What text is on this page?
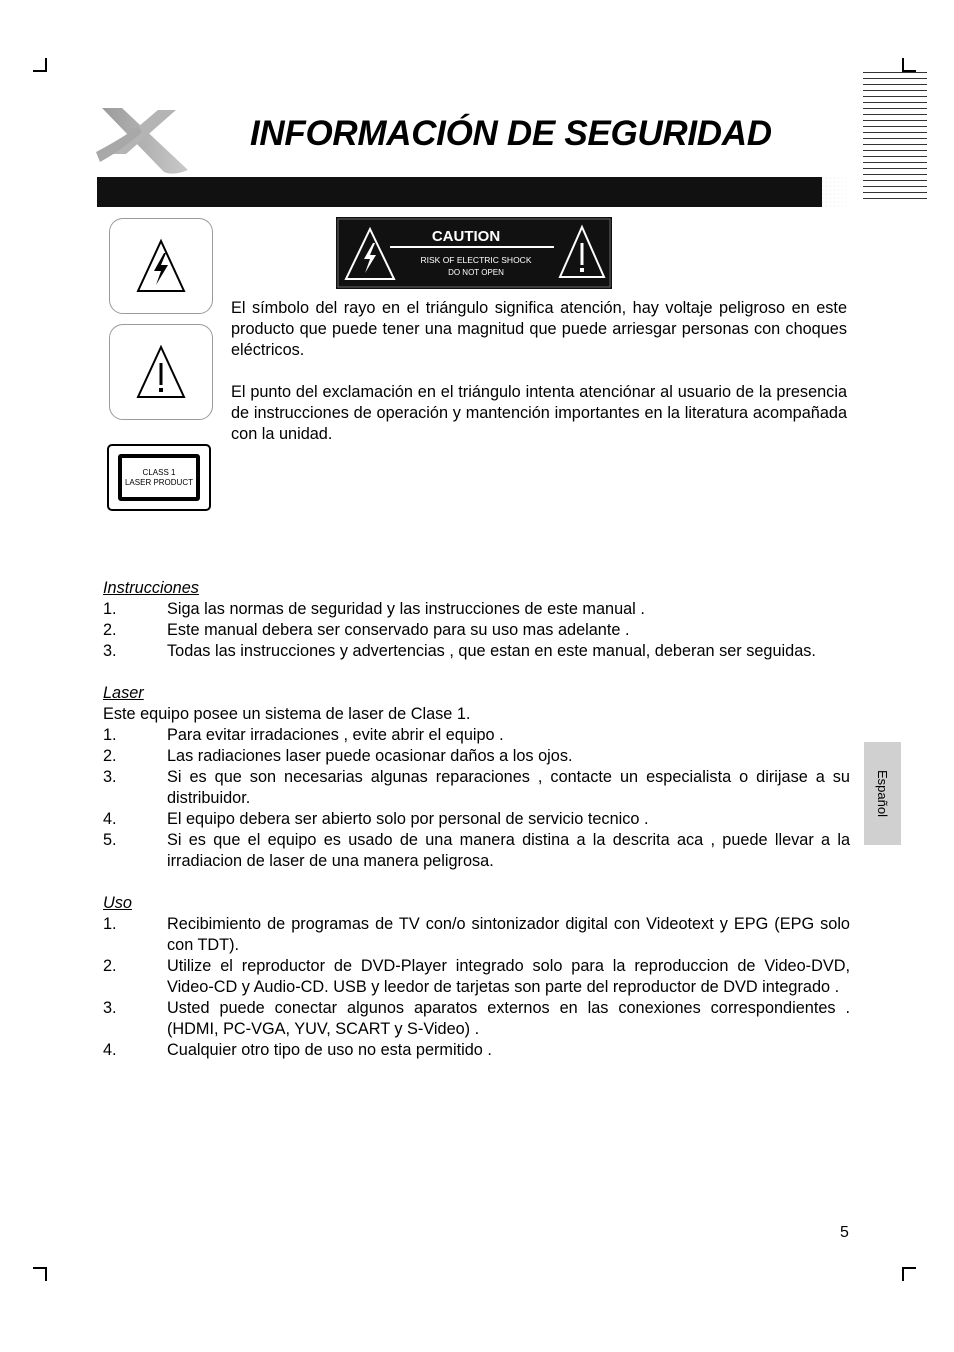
INFORMACIÓN DE SEGURIDAD
CAUTION
RISK OF ELECTRIC SHOCK
DO NOT OPEN
CLASS 1
LASER PRODUCT

El símbolo del rayo en el triángulo significa atención, hay voltaje peligroso en este producto que puede tener una magnitud que puede arriesgar personas con choques eléctricos.

El punto del exclamación en el triángulo intenta atenciónar al usuario de la presencia de instrucciones de operación y mantención importantes en la literatura acompañada con la unidad.

Instrucciones
1.	Siga las normas de seguridad y las instrucciones de este manual .
2.	Este manual debera ser conservado para su uso mas adelante .
3.	Todas las instrucciones y advertencias , que estan en este manual, deberan ser seguidas.
Laser
Este equipo posee un sistema de laser de Clase 1.
1.	Para evitar irradaciones , evite abrir el equipo .
2.	Las radiaciones laser puede ocasionar daños a los ojos.
3.	Si es que son necesarias algunas reparaciones , contacte un especialista o dirijase a su distribuidor.
4.	El equipo debera ser abierto solo por personal de servicio tecnico .
5.	Si es que el equipo es usado de una manera distina a la descrita aca , puede llevar a la irradiacion de laser de una manera peligrosa.
Uso
1.	Recibimiento de programas de TV con/o sintonizador digital con Videotext y EPG (EPG solo con TDT).
2.	Utilize el reproductor de DVD-Player integrado solo para la reproduccion de Video-DVD, Video-CD y Audio-CD. USB y leedor de tarjetas son parte del reproductor de DVD integrado .
3.	Usted puede conectar algunos aparatos externos en las conexiones correspondientes . (HDMI, PC-VGA, YUV, SCART y S-Video) .
4.	Cualquier otro tipo de uso no esta permitido .
Español
5
